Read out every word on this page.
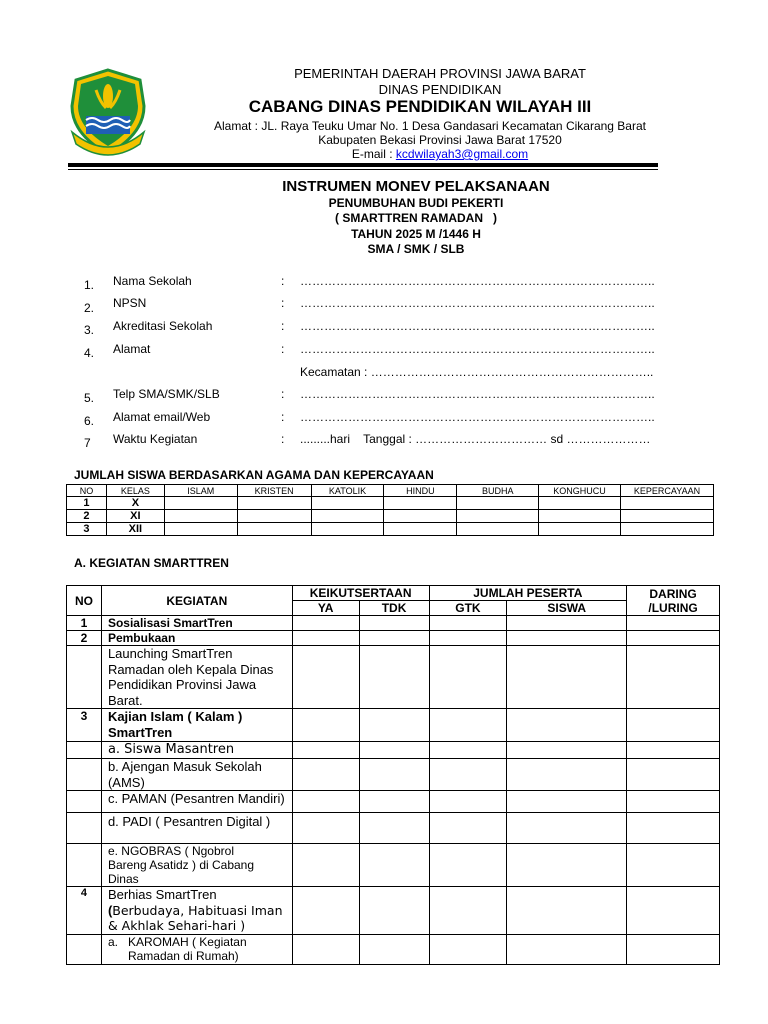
PEMERINTAH DAERAH PROVINSI JAWA BARAT
DINAS PENDIDIKAN
CABANG DINAS PENDIDIKAN WILAYAH III
Alamat : JL. Raya Teuku Umar No. 1 Desa Gandasari Kecamatan Cikarang Barat
Kabupaten Bekasi Provinsi Jawa Barat 17520
E-mail : kcdwilayah3@gmail.com
INSTRUMEN MONEV PELAKSANAAN
PENUMBUHAN BUDI PEKERTI
( SMARTTREN RAMADAN   )
TAHUN 2025 M /1446 H
SMA / SMK / SLB
1.	Nama Sekolah	: ……………………………………………………………………………..
2.	NPSN	: ……………………………………………………………………………..
3.	Akreditasi Sekolah	: ……………………………………………………………………………..
4.	Alamat	: ……………………………………………………………………………..
Kecamatan : ……………………………………………………………..
5.	Telp SMA/SMK/SLB	: ……………………………………………………………………………..
6.	Alamat email/Web	: ……………………………………………………………………………..
7	Waktu Kegiatan	: .........hari    Tanggal : …………………………… sd …………………
JUMLAH SISWA BERDASARKAN AGAMA DAN KEPERCAYAAN
NO	KELAS	ISLAM	KRISTEN	KATOLIK	HINDU	BUDHA	KONGHUCU	KEPERCAYAAN
1	X							
2	XI							
3	XII							
A. KEGIATAN SMARTTREN
NO	KEGIATAN	KEIKUTSERTAAN		JUMLAH PESERTA		DARING /LURING
		YA	TDK	GTK	SISWA	
1	Sosialisasi SmartTren					
2	Pembukaan					
	Launching SmartTren Ramadan oleh Kepala Dinas Pendidikan Provinsi Jawa Barat.					
3	Kajian Islam ( Kalam ) SmartTren					
	a. Siswa Masantren					
	b. Ajengan Masuk Sekolah (AMS)					
	c. PAMAN (Pesantren Mandiri)					
	d. PADI ( Pesantren Digital )					
	e. NGOBRAS ( Ngobrol Bareng Asatidz ) di Cabang Dinas					
4	Berhias SmartTren
(Berbudaya, Habituasi Iman & Akhlak Sehari-hari )					

	a. KAROMAH ( Kegiatan Ramadan di Rumah)					
